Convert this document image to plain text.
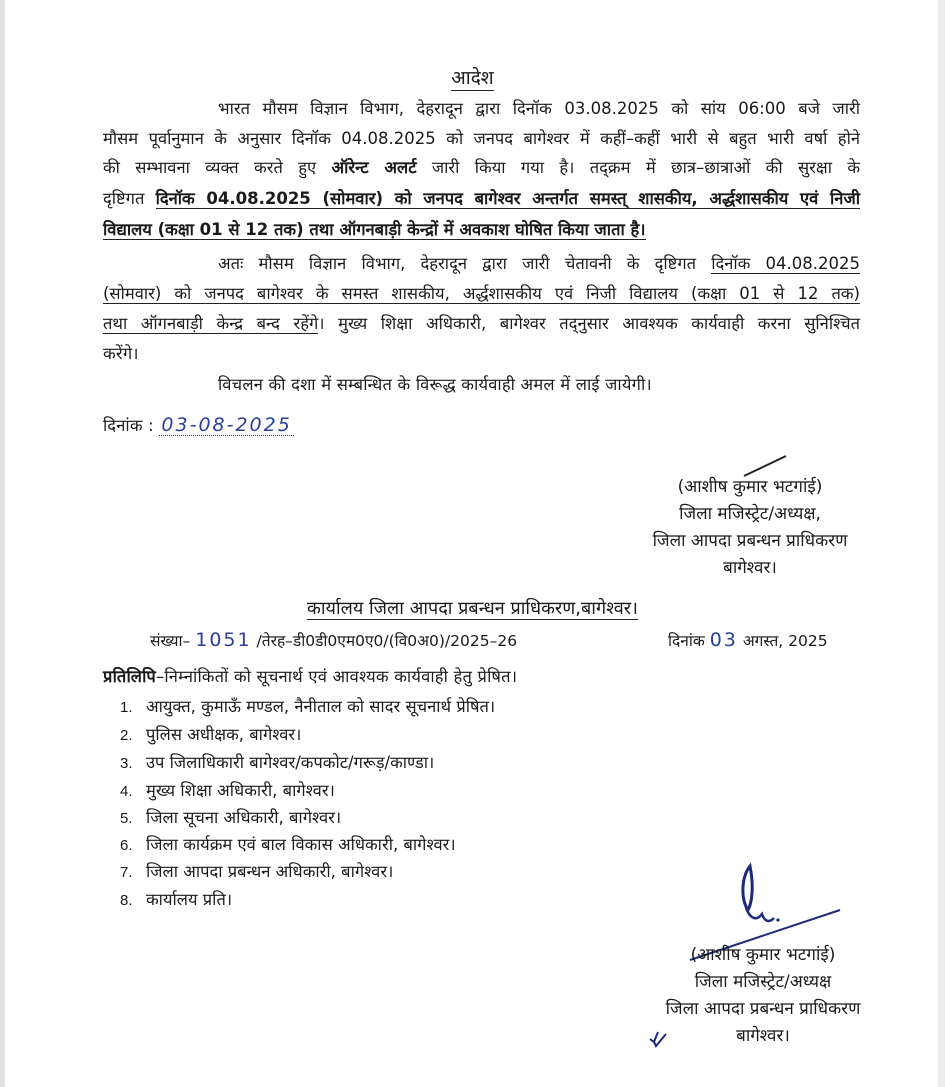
आदेश
भारत मौसम विज्ञान विभाग, देहरादून द्वारा दिनॉक 03.08.2025 को सांय 06:00 बजे जारी
मौसम पूर्वानुमान के अनुसार दिनॉक 04.08.2025 को जनपद बागेश्वर में कहीं–कहीं भारी से बहुत भारी वर्षा होने
की सम्भावना व्यक्त करते हुए ऑरेन्ट अलर्ट जारी किया गया है। तद्क्रम में छात्र–छात्राओं की सुरक्षा के
दृष्टिगत दिनॉक 04.08.2025 (सोमवार) को जनपद बागेश्वर अन्तर्गत समस्त् शासकीय, अर्द्धशासकीय एवं निजी
विद्यालय (कक्षा 01 से 12 तक) तथा ऑगनबाड़ी केन्द्रों में अवकाश घोषित किया जाता है।
अतः मौसम विज्ञान विभाग, देहरादून द्वारा जारी चेतावनी के दृष्टिगत दिनॉक 04.08.2025
(सोमवार) को जनपद बागेश्वर के समस्त शासकीय, अर्द्धशासकीय एवं निजी विद्यालय (कक्षा 01 से 12 तक)
तथा ऑगनबाड़ी केन्द्र बन्द रहेंगे। मुख्य शिक्षा अधिकारी, बागेश्वर तद्नुसार आवश्यक कार्यवाही करना सुनिश्चित
करेंगे।
विचलन की दशा में सम्बन्धित के विरूद्ध कार्यवाही अमल में लाई जायेगी।
दिनांक : 03-08-2025
(आशीष कुमार भटगांई)
जिला मजिस्ट्रेट/अध्यक्ष,
जिला आपदा प्रबन्धन प्राधिकरण
बागेश्वर।
कार्यालय जिला आपदा प्रबन्धन प्राधिकरण,बागेश्वर।
संख्या– 1051 /तेरह–डी0डी0एम0ए0/(वि0अ0)/2025–26	दिनांक 03 अगस्त, 2025
प्रतिलिपि–निम्नांकितों को सूचनार्थ एवं आवश्यक कार्यवाही हेतु प्रेषित।
1. आयुक्त, कुमाऊँ मण्डल, नैनीताल को सादर सूचनार्थ प्रेषित।
2. पुलिस अधीक्षक, बागेश्वर।
3. उप जिलाधिकारी बागेश्वर/कपकोट/गरूड़/काण्डा।
4. मुख्य शिक्षा अधिकारी, बागेश्वर।
5. जिला सूचना अधिकारी, बागेश्वर।
6. जिला कार्यक्रम एवं बाल विकास अधिकारी, बागेश्वर।
7. जिला आपदा प्रबन्धन अधिकारी, बागेश्वर।
8. कार्यालय प्रति।
(आशीष कुमार भटगांई)
जिला मजिस्ट्रेट/अध्यक्ष
जिला आपदा प्रबन्धन प्राधिकरण
बागेश्वर।
